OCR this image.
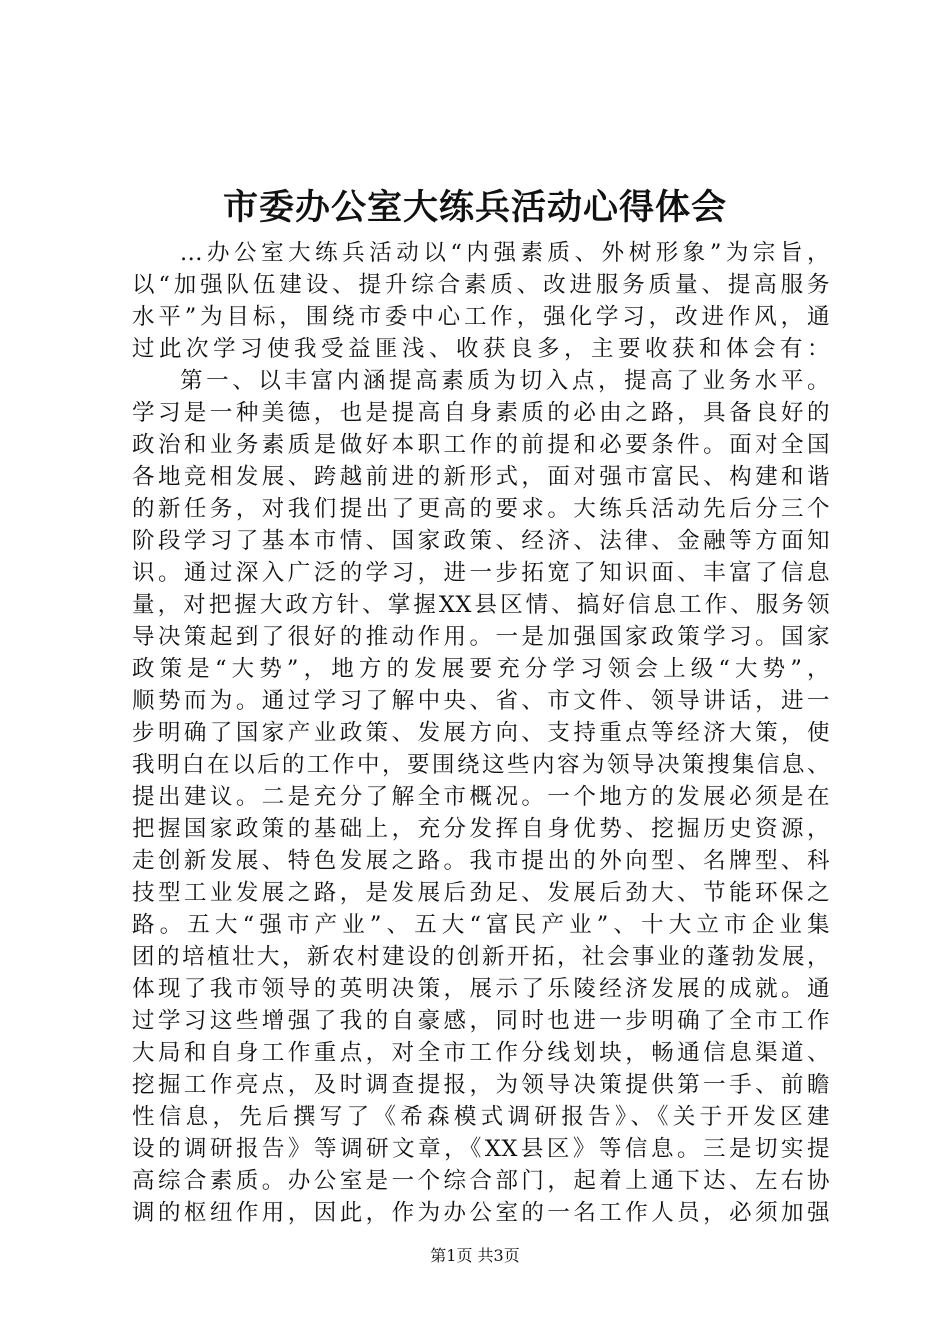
市委办公室大练兵活动心得体会
...办公室大练兵活动以“内强素质、外树形象”为宗旨，
以“加强队伍建设、提升综合素质、改进服务质量、提高服务
水平”为目标，围绕市委中心工作，强化学习，改进作风，通
过此次学习使我受益匪浅、收获良多，主要收获和体会有：
第一、以丰富内涵提高素质为切入点，提高了业务水平。
学习是一种美德，也是提高自身素质的必由之路，具备良好的
政治和业务素质是做好本职工作的前提和必要条件。面对全国
各地竞相发展、跨越前进的新形式，面对强市富民、构建和谐
的新任务，对我们提出了更高的要求。大练兵活动先后分三个
阶段学习了基本市情、国家政策、经济、法律、金融等方面知
识。通过深入广泛的学习，进一步拓宽了知识面、丰富了信息
量，对把握大政方针、掌握XX县区情、搞好信息工作、服务领
导决策起到了很好的推动作用。一是加强国家政策学习。国家
政策是“大势”，地方的发展要充分学习领会上级“大势”，
顺势而为。通过学习了解中央、省、市文件、领导讲话，进一
步明确了国家产业政策、发展方向、支持重点等经济大策，使
我明白在以后的工作中，要围绕这些内容为领导决策搜集信息、
提出建议。二是充分了解全市概况。一个地方的发展必须是在
把握国家政策的基础上，充分发挥自身优势、挖掘历史资源，
走创新发展、特色发展之路。我市提出的外向型、名牌型、科
技型工业发展之路，是发展后劲足、发展后劲大、节能环保之
路。五大“强市产业”、五大“富民产业”、十大立市企业集
团的培植壮大，新农村建设的创新开拓，社会事业的蓬勃发展，
体现了我市领导的英明决策，展示了乐陵经济发展的成就。通
过学习这些增强了我的自豪感，同时也进一步明确了全市工作
大局和自身工作重点，对全市工作分线划块，畅通信息渠道、
挖掘工作亮点，及时调查提报，为领导决策提供第一手、前瞻
性信息，先后撰写了《希森模式调研报告》、《关于开发区建
设的调研报告》等调研文章，《XX县区》等信息。三是切实提
高综合素质。办公室是一个综合部门，起着上通下达、左右协
调的枢纽作用，因此，作为办公室的一名工作人员，必须加强
第1页 共3页
